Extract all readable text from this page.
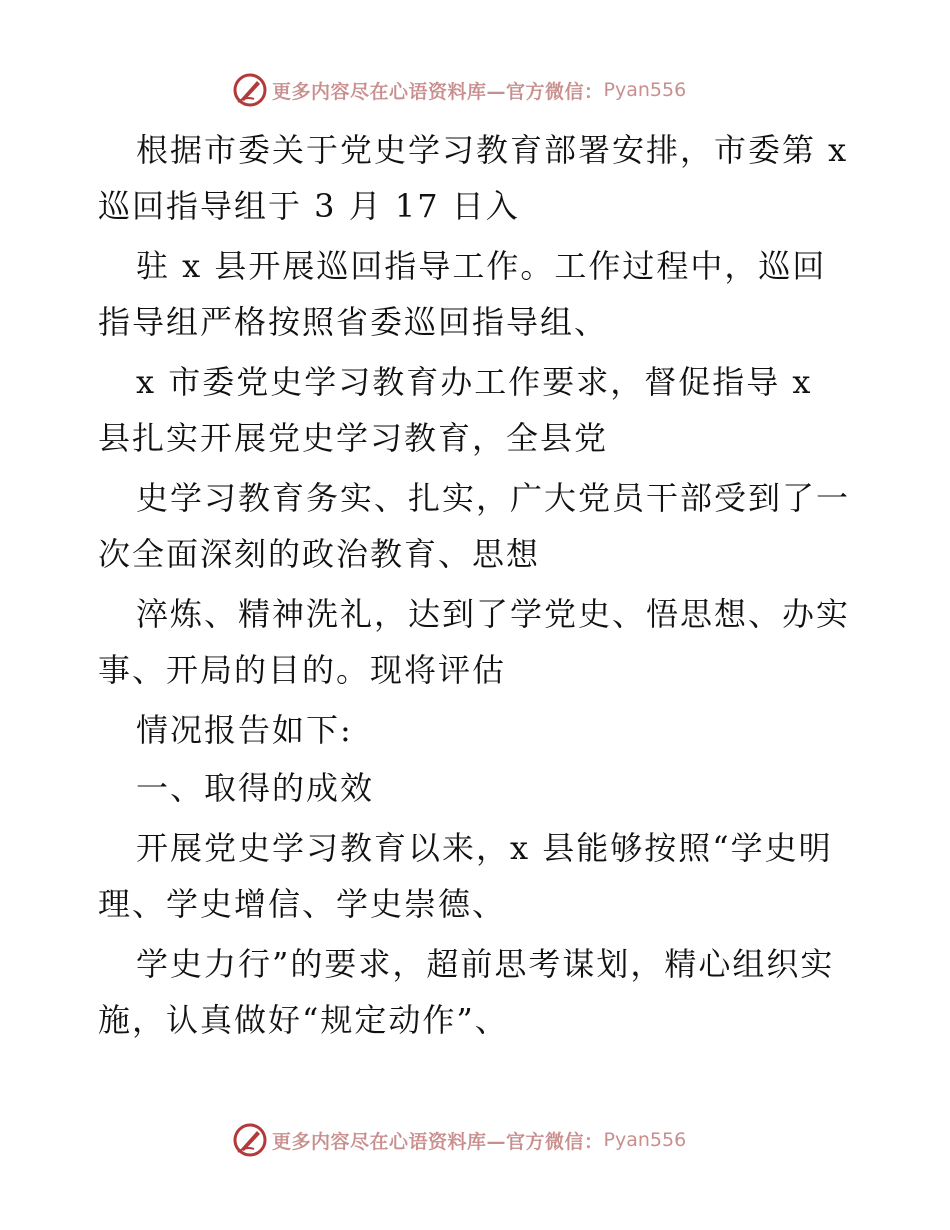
更多内容尽在心语资料库—官方微信： Pyan556
根据市委关于党史学习教育部署安排，市委第 x
巡回指导组于 3 月 17 日入
驻 x 县开展巡回指导工作。工作过程中，巡回
指导组严格按照省委巡回指导组、
x 市委党史学习教育办工作要求，督促指导 x
县扎实开展党史学习教育，全县党
史学习教育务实、扎实，广大党员干部受到了一
次全面深刻的政治教育、思想
淬炼、精神洗礼，达到了学党史、悟思想、办实
事、开局的目的。现将评估
情况报告如下:
一、取得的成效
开展党史学习教育以来，x 县能够按照“学史明
理、学史增信、学史崇德、
学史力行”的要求，超前思考谋划，精心组织实
施，认真做好“规定动作”、
更多内容尽在心语资料库—官方微信： Pyan556
